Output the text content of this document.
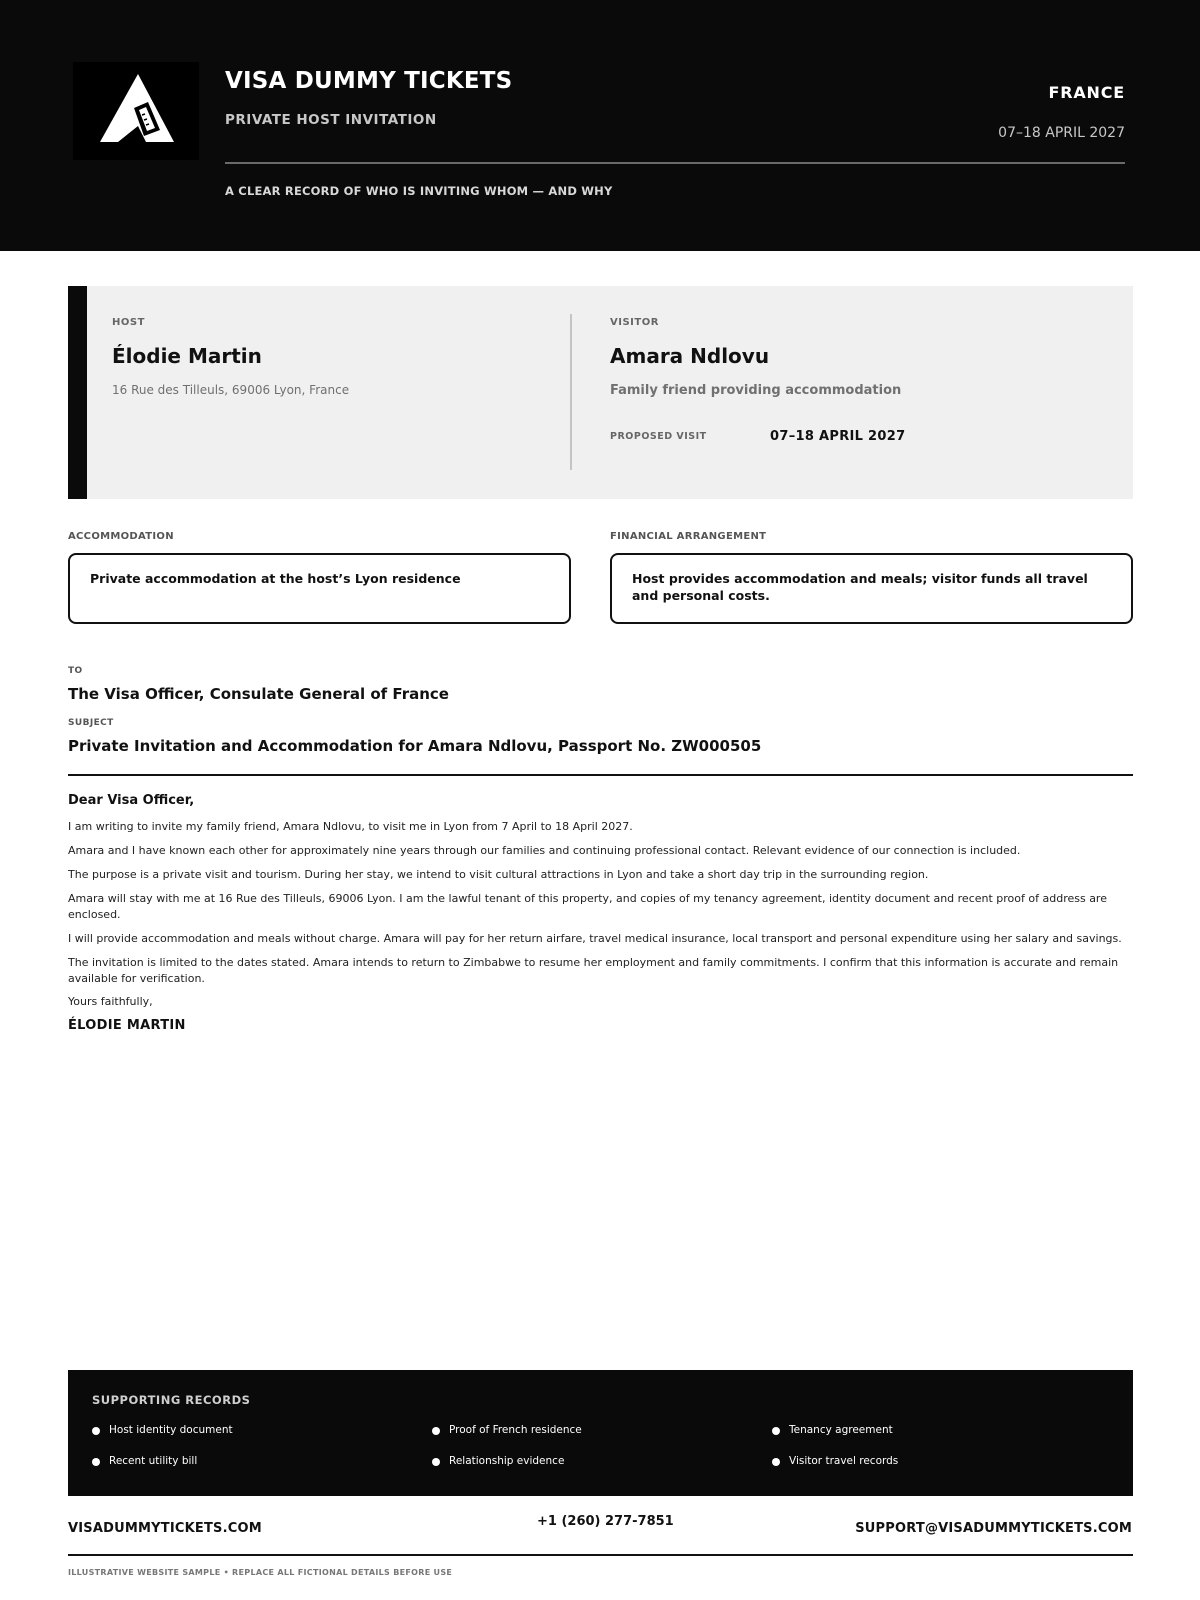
VISA DUMMY TICKETS
PRIVATE HOST INVITATION
FRANCE
07–18 APRIL 2027
A CLEAR RECORD OF WHO IS INVITING WHOM — AND WHY
HOST
Élodie Martin
16 Rue des Tilleuls, 69006 Lyon, France
VISITOR
Amara Ndlovu
Family friend providing accommodation
PROPOSED VISIT	07–18 APRIL 2027
ACCOMMODATION
Private accommodation at the host’s Lyon residence
FINANCIAL ARRANGEMENT
Host provides accommodation and meals; visitor funds all travel and personal costs.
TO
The Visa Officer, Consulate General of France
SUBJECT
Private Invitation and Accommodation for Amara Ndlovu, Passport No. ZW000505

Dear Visa Officer,

I am writing to invite my family friend, Amara Ndlovu, to visit me in Lyon from 7 April to 18 April 2027.

Amara and I have known each other for approximately nine years through our families and continuing professional contact. Relevant evidence of our connection is included.

The purpose is a private visit and tourism. During her stay, we intend to visit cultural attractions in Lyon and take a short day trip in the surrounding region.

Amara will stay with me at 16 Rue des Tilleuls, 69006 Lyon. I am the lawful tenant of this property, and copies of my tenancy agreement, identity document and recent proof of address are enclosed.

I will provide accommodation and meals without charge. Amara will pay for her return airfare, travel medical insurance, local transport and personal expenditure using her salary and savings.

The invitation is limited to the dates stated. Amara intends to return to Zimbabwe to resume her employment and family commitments. I confirm that this information is accurate and remain available for verification.

Yours faithfully,

ÉLODIE MARTIN
SUPPORTING RECORDS
Host identity document	Proof of French residence	Tenancy agreement
Recent utility bill	Relationship evidence	Visitor travel records
VISADUMMYTICKETS.COM	+1 (260) 277-7851	SUPPORT@VISADUMMYTICKETS.COM
ILLUSTRATIVE WEBSITE SAMPLE • REPLACE ALL FICTIONAL DETAILS BEFORE USE
